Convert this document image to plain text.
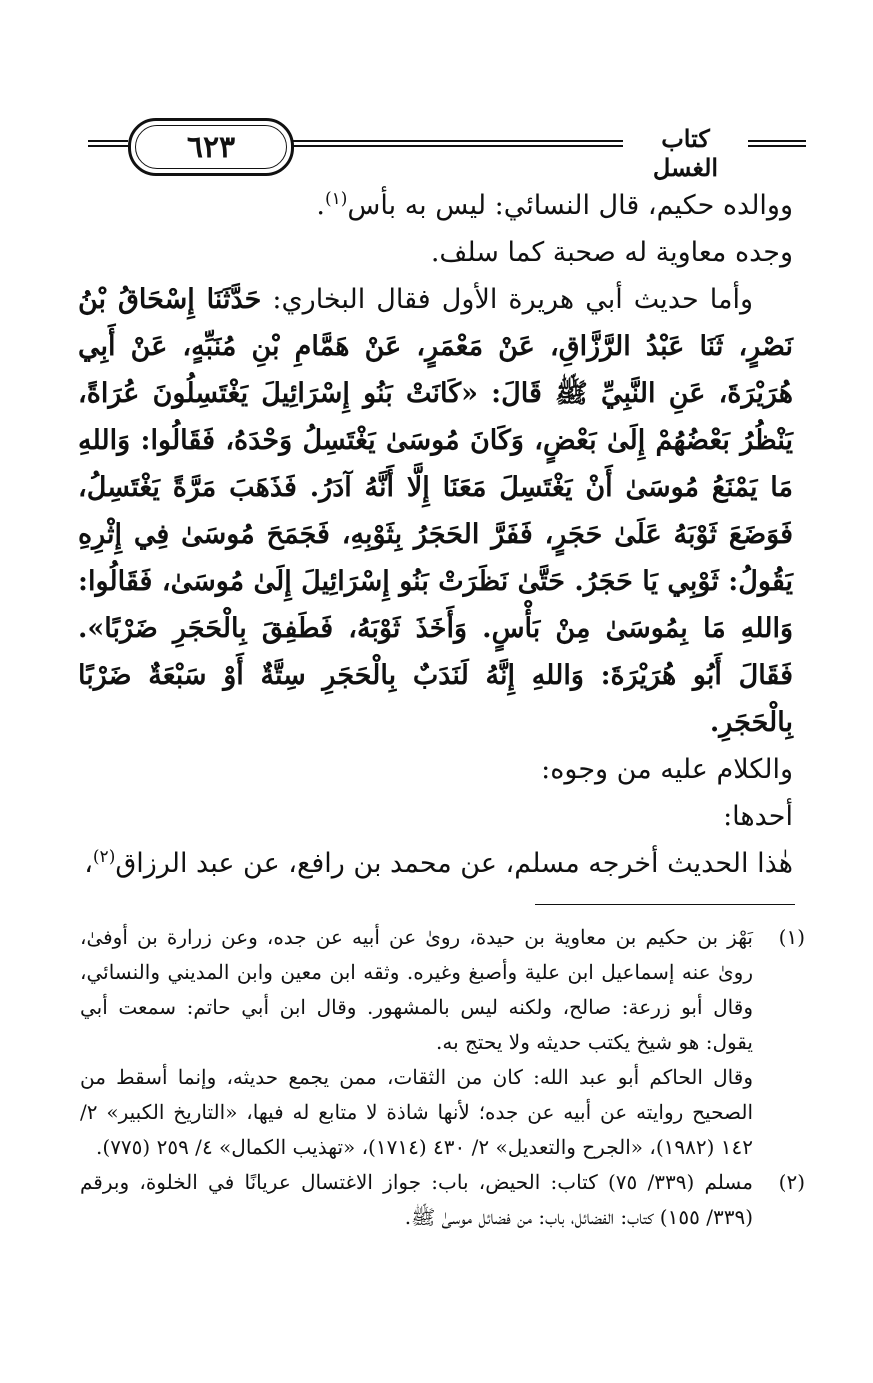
٦٢٣	كتاب الغسل

ووالده حكيم، قال النسائي: ليس به بأس$^{(١)}$.

وجده معاوية له صحبة كما سلف.

وأما حديث أبي هريرة الأول فقال البخاري: حَدَّثَنَا إِسْحَاقُ بْنُ نَصْرٍ، ثَنَا عَبْدُ الرَّزَّاقِ، عَنْ مَعْمَرٍ، عَنْ هَمَّامِ بْنِ مُنَبِّهٍ، عَنْ أَبِي هُرَيْرَةَ، عَنِ النَّبِيِّ ﷺ قَالَ: «كَانَتْ بَنُو إِسْرَائِيلَ يَغْتَسِلُونَ عُرَاةً، يَنْظُرُ بَعْضُهُمْ إِلَىٰ بَعْضٍ، وَكَانَ مُوسَىٰ يَغْتَسِلُ وَحْدَهُ، فَقَالُوا: وَاللهِ مَا يَمْنَعُ مُوسَىٰ أَنْ يَغْتَسِلَ مَعَنَا إِلَّا أَنَّهُ آدَرُ. فَذَهَبَ مَرَّةً يَغْتَسِلُ، فَوَضَعَ ثَوْبَهُ عَلَىٰ حَجَرٍ، فَفَرَّ الحَجَرُ بِثَوْبِهِ، فَجَمَحَ مُوسَىٰ فِي إِثْرِهِ يَقُولُ: ثَوْبِي يَا حَجَرُ. حَتَّىٰ نَظَرَتْ بَنُو إِسْرَائِيلَ إِلَىٰ مُوسَىٰ، فَقَالُوا: وَاللهِ مَا بِمُوسَىٰ مِنْ بَأْسٍ. وَأَخَذَ ثَوْبَهُ، فَطَفِقَ بِالْحَجَرِ ضَرْبًا». فَقَالَ أَبُو هُرَيْرَةَ: وَاللهِ إِنَّهُ لَنَدَبٌ بِالْحَجَرِ سِتَّةٌ أَوْ سَبْعَةٌ ضَرْبًا بِالْحَجَرِ.

والكلام عليه من وجوه:

أحدها:

هٰذا الحديث أخرجه مسلم، عن محمد بن رافع، عن عبد الرزاق$^{(٢)}$،

(١)
بَهْز بن حكيم بن معاوية بن حيدة، روىٰ عن أبيه عن جده، وعن زرارة بن أوفىٰ، روىٰ عنه إسماعيل ابن علية وأصبغ وغيره. وثقه ابن معين وابن المديني والنسائي، وقال أبو زرعة: صالح، ولكنه ليس بالمشهور. وقال ابن أبي حاتم: سمعت أبي يقول: هو شيخ يكتب حديثه ولا يحتج به.
وقال الحاكم أبو عبد الله: كان من الثقات، ممن يجمع حديثه، وإنما أسقط من الصحيح روايته عن أبيه عن جده؛ لأنها شاذة لا متابع له فيها، «التاريخ الكبير» ٢/ ١٤٢ (١٩٨٢)، «الجرح والتعديل» ٢/ ٤٣٠ (١٧١٤)، «تهذيب الكمال» ٤/ ٢٥٩ (٧٧٥).
(٢)
مسلم (٣٣٩/ ٧٥) كتاب: الحيض، باب: جواز الاغتسال عريانًا في الخلوة، وبرقم (٣٣٩/ ١٥٥) كتاب: الفضائل، باب: من فضائل موسىٰ ﷺ.
